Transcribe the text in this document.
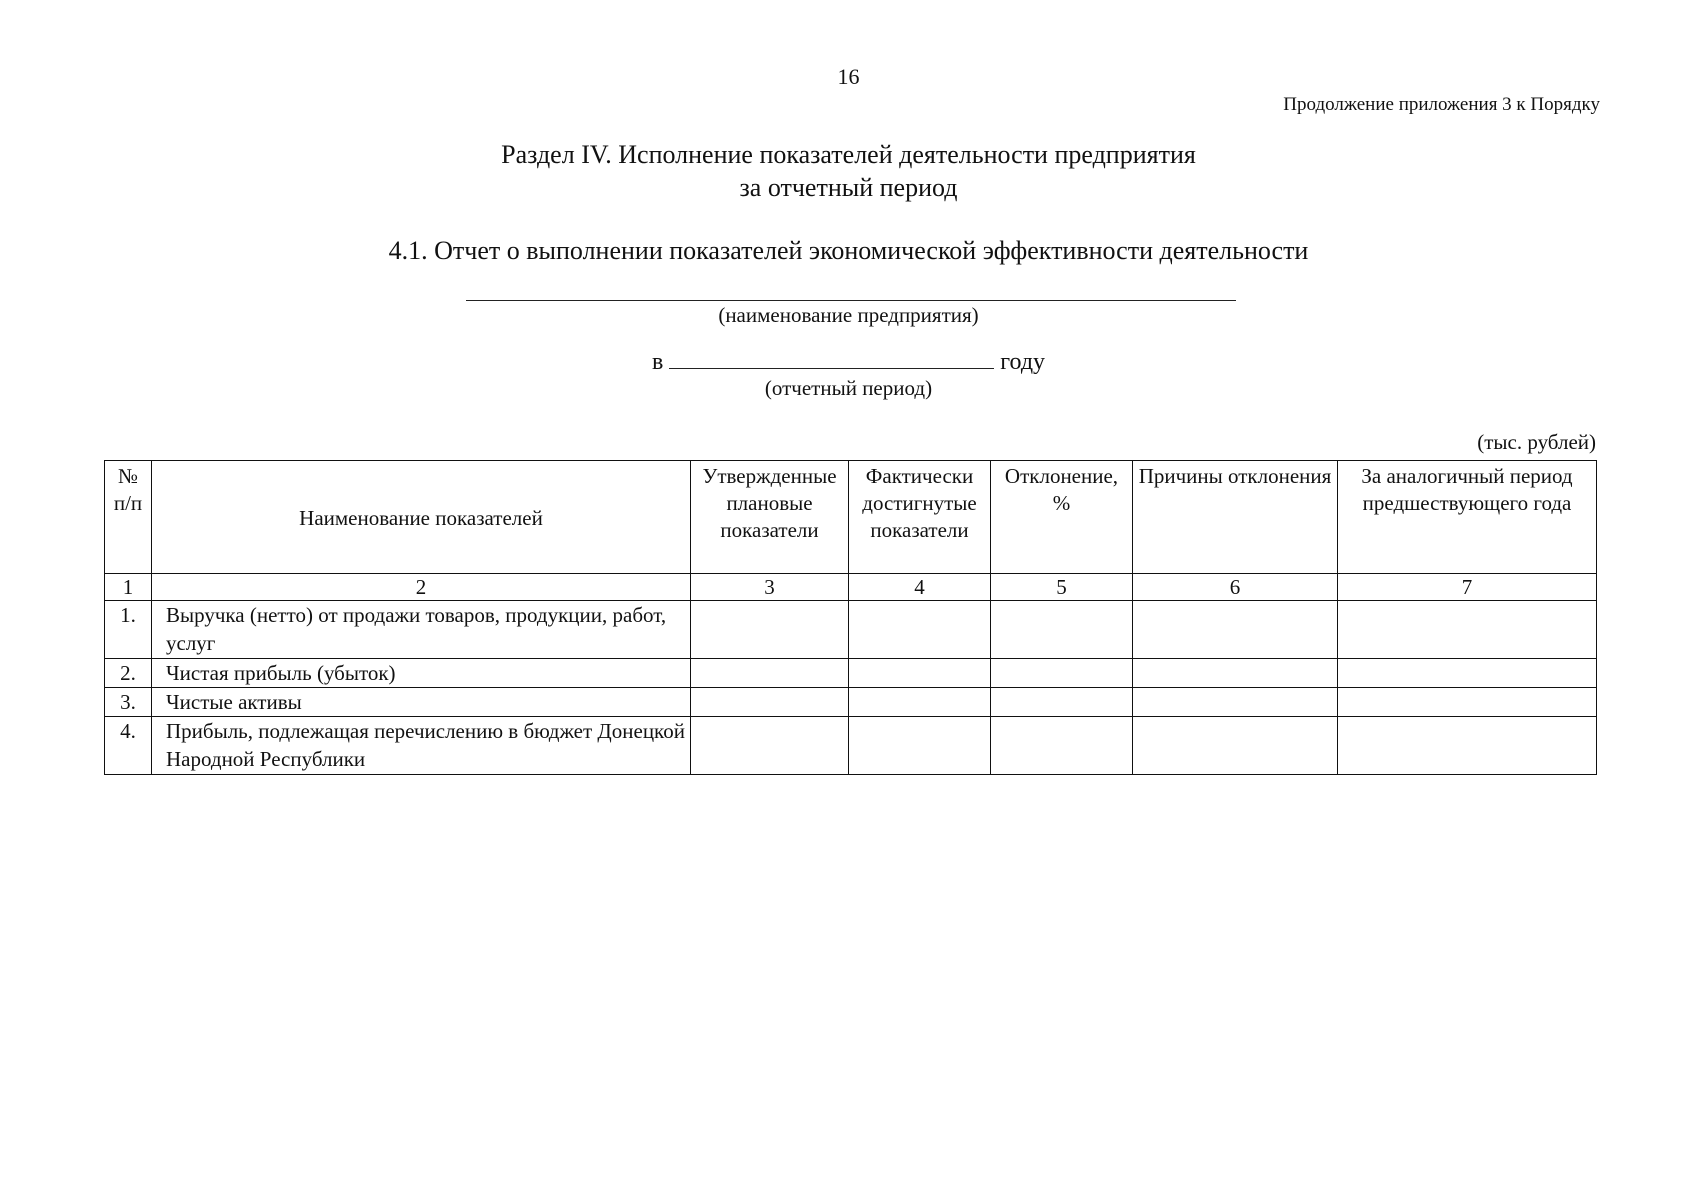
16
Продолжение приложения 3 к Порядку
Раздел IV. Исполнение показателей деятельности предприятия
за отчетный период
4.1. Отчет о выполнении показателей экономической эффективности деятельности
(наименование предприятия)
в	году
(отчетный период)
(тыс. рублей)
№ п/п	Наименование показателей	Утвержденные плановые показатели	Фактически достигнутые показатели	Отклонение, %	Причины отклонения	За аналогичный период предшествующего года
1	2	3	4	5	6	7
1.	Выручка (нетто) от продажи товаров, продукции, работ, услуг					
2.	Чистая прибыль (убыток)					
3.	Чистые активы					
4.	Прибыль, подлежащая перечислению в бюджет Донецкой Народной Республики					
